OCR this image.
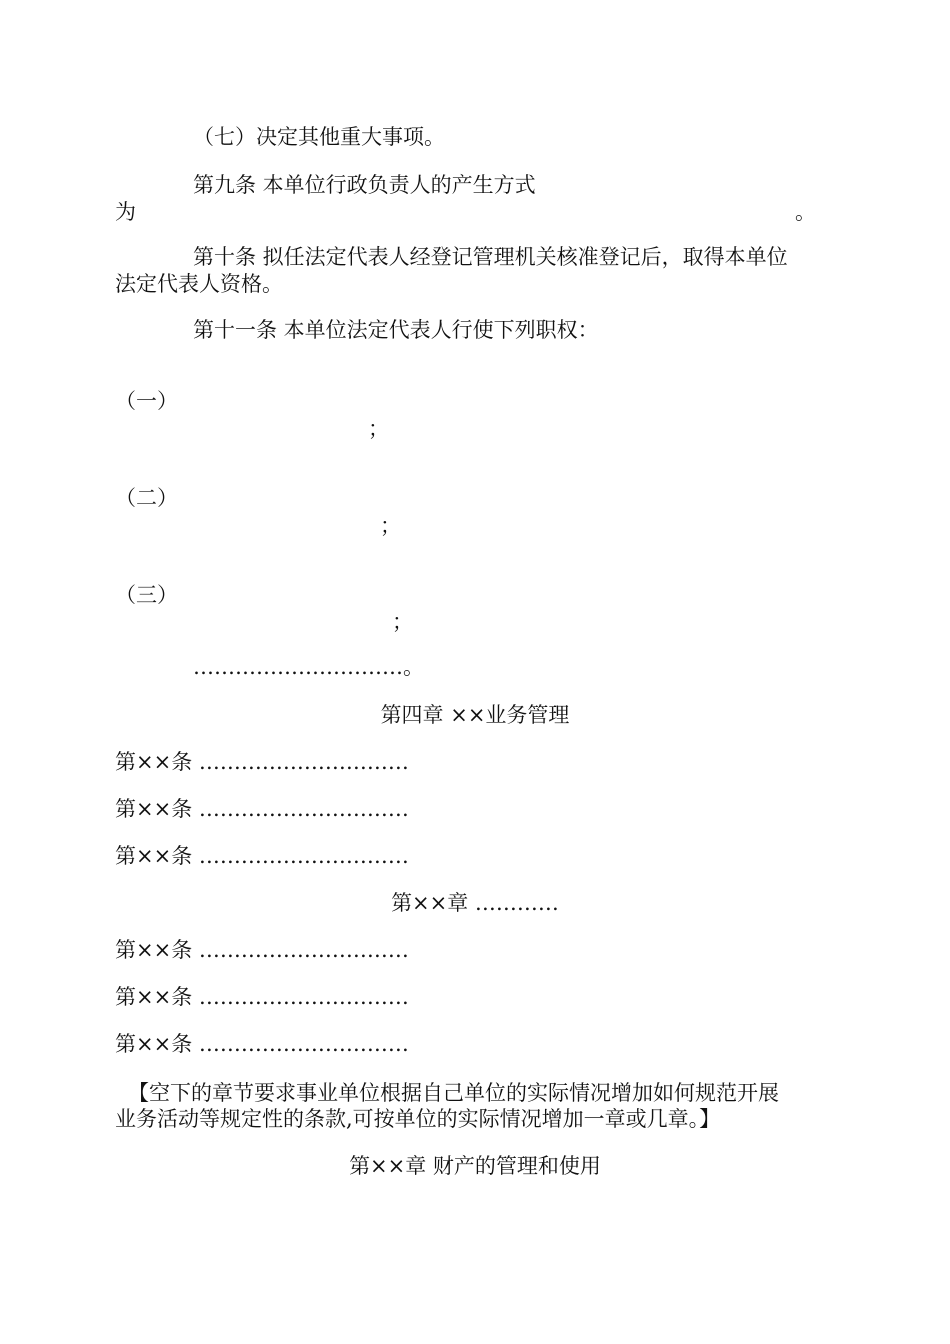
（七）决定其他重大事项。
第九条 本单位行政负责人的产生方式
为	。
第十条 拟任法定代表人经登记管理机关核准登记后，取得本单位
法定代表人资格。
第十一条 本单位法定代表人行使下列职权：
（一）
；
（二）
；
（三）
；
…………………………。
第四章 ××业务管理
第××条 …………………………
第××条 …………………………
第××条 …………………………
第××章 …………
第××条 …………………………
第××条 …………………………
第××条 …………………………
【空下的章节要求事业单位根据自己单位的实际情况增加如何规范开展
业务活动等规定性的条款,可按单位的实际情况增加一章或几章。】
第××章 财产的管理和使用
